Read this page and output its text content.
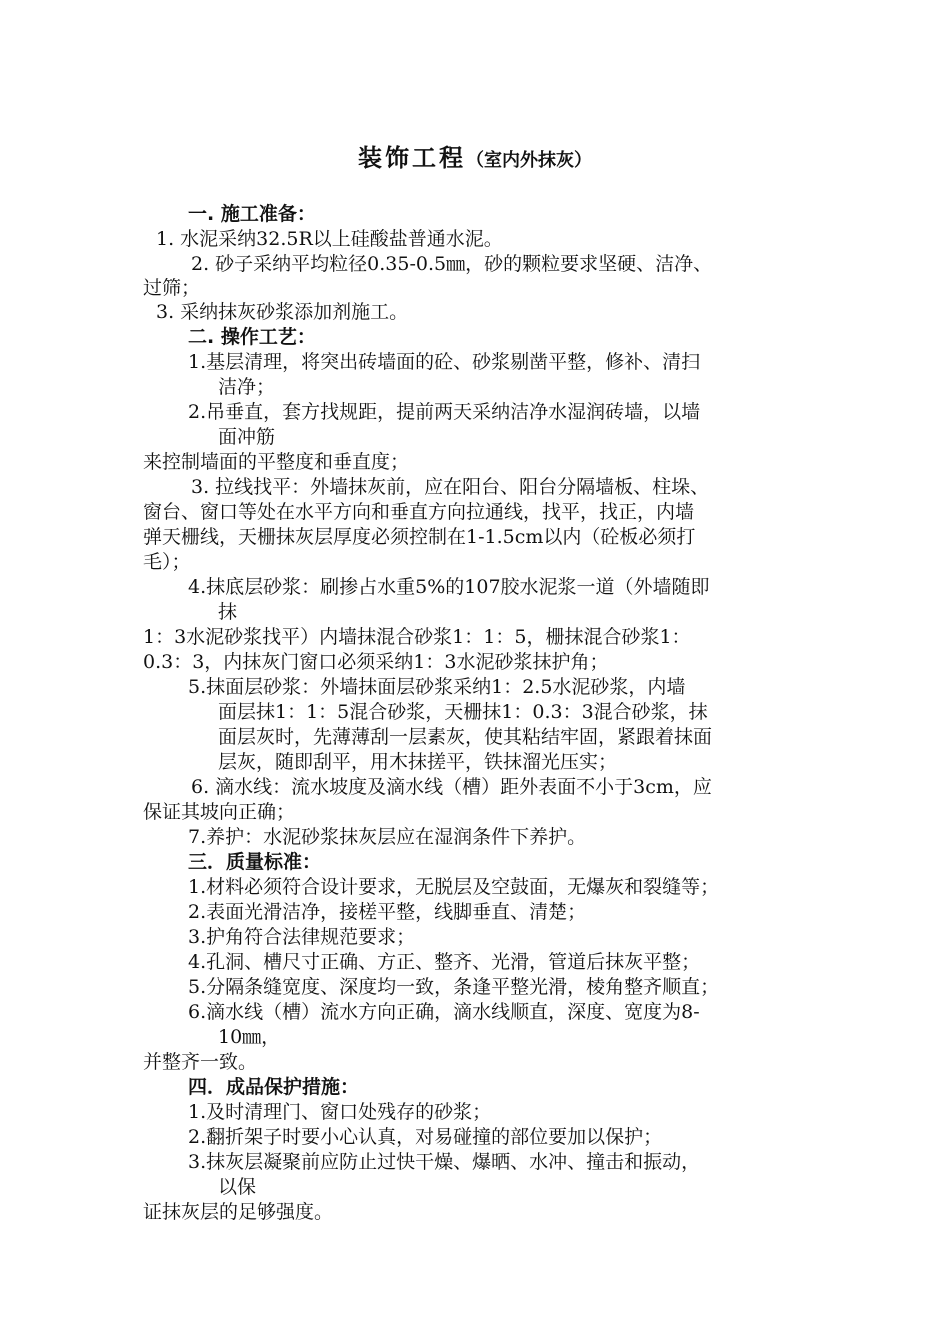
装饰工程（室内外抹灰）
一. 施工准备：
1. 水泥采纳32.5R以上硅酸盐普通水泥。
2. 砂子采纳平均粒径0.35-0.5㎜，砂的颗粒要求坚硬、洁净、
过筛；
3. 采纳抹灰砂浆添加剂施工。
二. 操作工艺：
1.基层清理，将突出砖墙面的砼、砂浆剔凿平整，修补、清扫
洁净；
2.吊垂直，套方找规距，提前两天采纳洁净水湿润砖墙，以墙
面冲筋
来控制墙面的平整度和垂直度；
3. 拉线找平：外墙抹灰前，应在阳台、阳台分隔墙板、柱垛、
窗台、窗口等处在水平方向和垂直方向拉通线，找平，找正，内墙
弹天栅线，天栅抹灰层厚度必须控制在1-1.5cm以内（砼板必须打
毛）；
4.抹底层砂浆：刷掺占水重5%的107胶水泥浆一道（外墙随即
抹
1：3水泥砂浆找平）内墙抹混合砂浆1：1：5，栅抹混合砂浆1：
0.3：3，内抹灰门窗口必须采纳1：3水泥砂浆抹护角；
5.抹面层砂浆：外墙抹面层砂浆采纳1：2.5水泥砂浆，内墙
面层抹1：1：5混合砂浆，天栅抹1：0.3：3混合砂浆，抹
面层灰时，先薄薄刮一层素灰，使其粘结牢固，紧跟着抹面
层灰，随即刮平，用木抹搓平，铁抹溜光压实；
6. 滴水线：流水坡度及滴水线（槽）距外表面不小于3cm，应
保证其坡向正确；
7.养护：水泥砂浆抹灰层应在湿润条件下养护。
三．质量标准：
1.材料必须符合设计要求，无脱层及空鼓面，无爆灰和裂缝等；
2.表面光滑洁净，接槎平整，线脚垂直、清楚；
3.护角符合法律规范要求；
4.孔洞、槽尺寸正确、方正、整齐、光滑，管道后抹灰平整；
5.分隔条缝宽度、深度均一致，条逢平整光滑，棱角整齐顺直；
6.滴水线（槽）流水方向正确，滴水线顺直，深度、宽度为8-
10㎜，
并整齐一致。
四．成品保护措施：
1.及时清理门、窗口处残存的砂浆；
2.翻折架子时要小心认真，对易碰撞的部位要加以保护；
3.抹灰层凝聚前应防止过快干燥、爆晒、水冲、撞击和振动，
以保
证抹灰层的足够强度。
